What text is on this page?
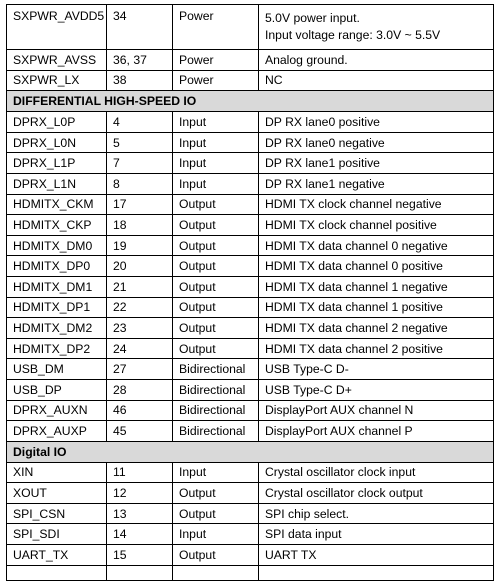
SXPWR_AVDD5	34	Power	5.0V power input.
Input voltage range: 3.0V ~ 5.5V

SXPWR_AVSS	36, 37	Power	Analog ground.
SXPWR_LX	38	Power	NC
DIFFERENTIAL HIGH-SPEED IO			
DPRX_L0P	4	Input	DP RX lane0 positive
DPRX_L0N	5	Input	DP RX lane0 negative
DPRX_L1P	7	Input	DP RX lane1 positive
DPRX_L1N	8	Input	DP RX lane1 negative
HDMITX_CKM	17	Output	HDMI TX clock channel negative
HDMITX_CKP	18	Output	HDMI TX clock channel positive
HDMITX_DM0	19	Output	HDMI TX data channel 0 negative
HDMITX_DP0	20	Output	HDMI TX data channel 0 positive
HDMITX_DM1	21	Output	HDMI TX data channel 1 negative
HDMITX_DP1	22	Output	HDMI TX data channel 1 positive
HDMITX_DM2	23	Output	HDMI TX data channel 2 negative
HDMITX_DP2	24	Output	HDMI TX data channel 2 positive
USB_DM	27	Bidirectional	USB Type-C D-
USB_DP	28	Bidirectional	USB Type-C D+
DPRX_AUXN	46	Bidirectional	DisplayPort AUX channel N
DPRX_AUXP	45	Bidirectional	DisplayPort AUX channel P
Digital IO			
XIN	11	Input	Crystal oscillator clock input
XOUT	12	Output	Crystal oscillator clock output
SPI_CSN	13	Output	SPI chip select.
SPI_SDI	14	Input	SPI data input
UART_TX	15	Output	UART TX
